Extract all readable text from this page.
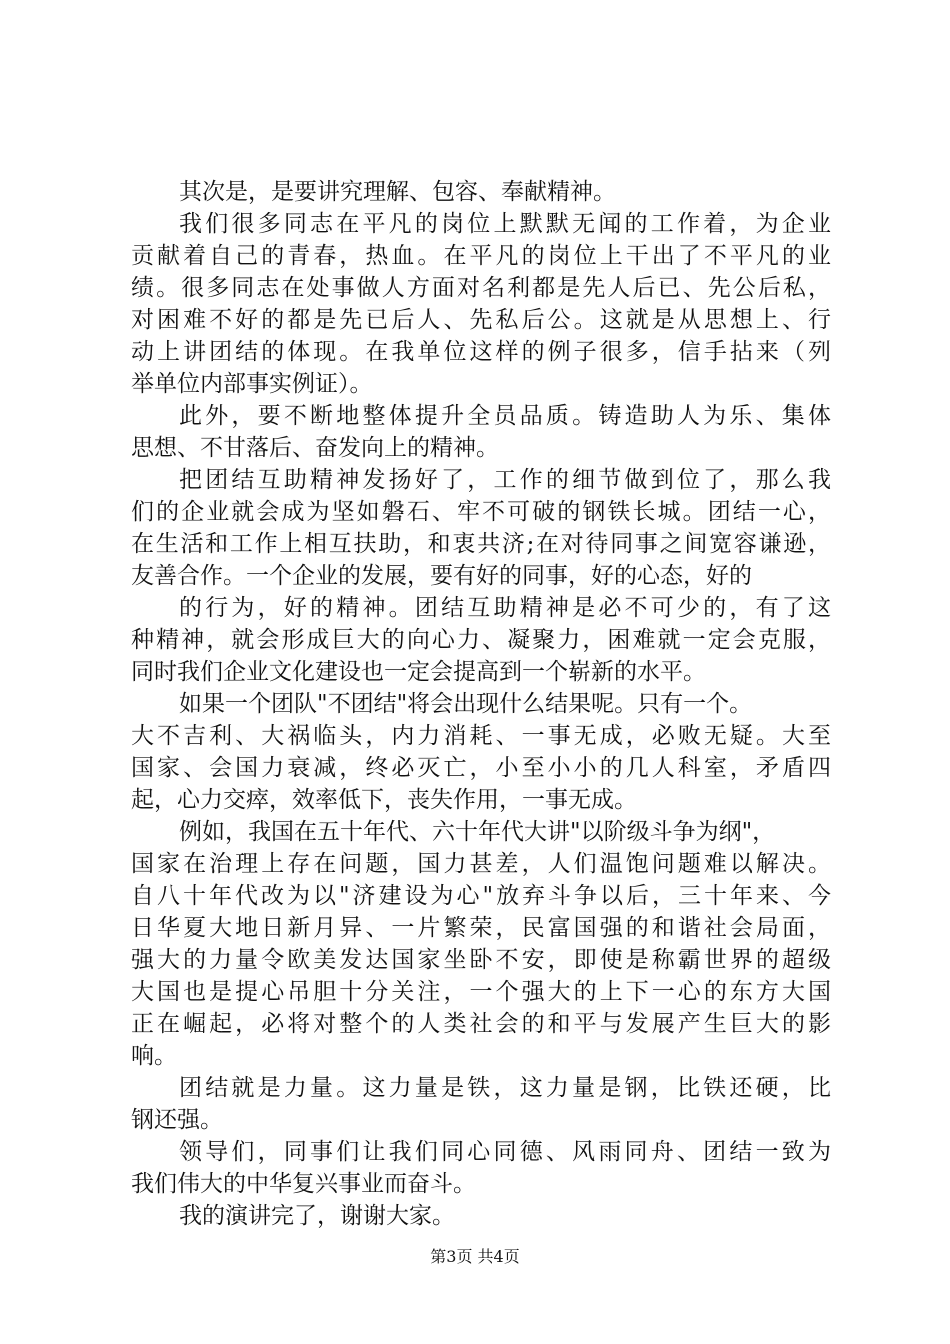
其次是，是要讲究理解、包容、奉献精神。
我们很多同志在平凡的岗位上默默无闻的工作着，为企业
贡献着自己的青春，热血。在平凡的岗位上干出了不平凡的业
绩。很多同志在处事做人方面对名利都是先人后已、先公后私，
对困难不好的都是先已后人、先私后公。这就是从思想上、行
动上讲团结的体现。在我单位这样的例子很多，信手拈来（列
举单位内部事实例证）。
此外，要不断地整体提升全员品质。铸造助人为乐、集体
思想、不甘落后、奋发向上的精神。
把团结互助精神发扬好了，工作的细节做到位了，那么我
们的企业就会成为坚如磐石、牢不可破的钢铁长城。团结一心，
在生活和工作上相互扶助，和衷共济;在对待同事之间宽容谦逊，
友善合作。一个企业的发展，要有好的同事，好的心态，好的
的行为，好的精神。团结互助精神是必不可少的，有了这
种精神，就会形成巨大的向心力、凝聚力，困难就一定会克服，
同时我们企业文化建设也一定会提高到一个崭新的水平。
如果一个团队"不团结"将会出现什么结果呢。只有一个。
大不吉利、大祸临头，内力消耗、一事无成，必败无疑。大至
国家、会国力衰减，终必灭亡，小至小小的几人科室，矛盾四
起，心力交瘁，效率低下，丧失作用，一事无成。
例如，我国在五十年代、六十年代大讲"以阶级斗争为纲"，
国家在治理上存在问题，国力甚差，人们温饱问题难以解决。
自八十年代改为以"济建设为心"放弃斗争以后，三十年来、今
日华夏大地日新月异、一片繁荣，民富国强的和谐社会局面，
强大的力量令欧美发达国家坐卧不安，即使是称霸世界的超级
大国也是提心吊胆十分关注，一个强大的上下一心的东方大国
正在崛起，必将对整个的人类社会的和平与发展产生巨大的影
响。
团结就是力量。这力量是铁，这力量是钢，比铁还硬，比
钢还强。
领导们，同事们让我们同心同德、风雨同舟、团结一致为
我们伟大的中华复兴事业而奋斗。
我的演讲完了，谢谢大家。
第3页 共4页
